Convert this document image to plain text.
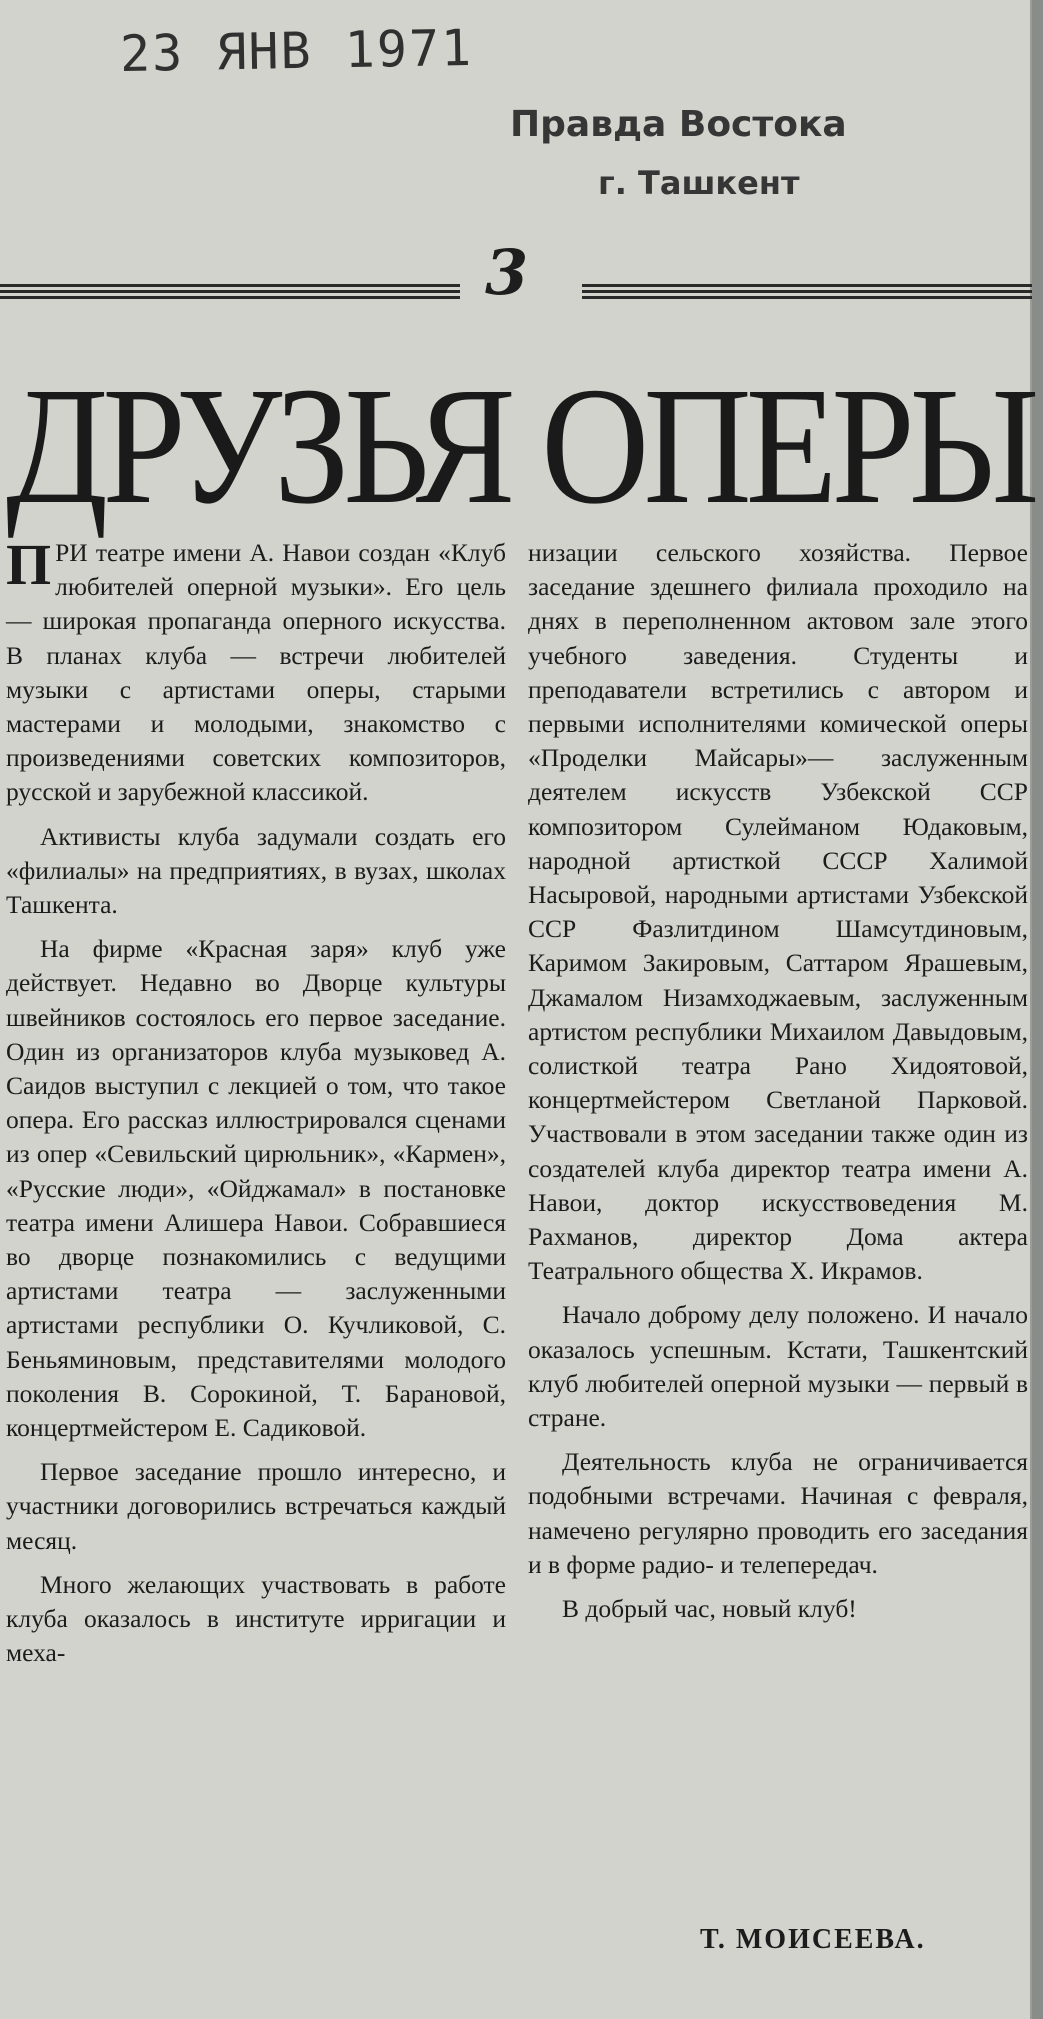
23 ЯНВ 1971
Правда Востока
г. Ташкент
3
ДРУЗЬЯ ОПЕРЫ

ПРИ театре имени А. Навои создан «Клуб любителей оперной музыки». Его цель — широкая пропаганда оперного искусства. В планах клуба — встречи любителей музыки с артистами оперы, старыми мастерами и молодыми, знакомство с произведениями советских композиторов, русской и зарубежной классикой.

Активисты клуба задумали создать его «филиалы» на предприятиях, в вузах, школах Ташкента.

На фирме «Красная заря» клуб уже действует. Недавно во Дворце культуры швейников состоялось его первое заседание. Один из организаторов клуба музыковед А. Саидов выступил с лекцией о том, что такое опера. Его рассказ иллюстрировался сценами из опер «Севильский цирюльник», «Кармен», «Русские люди», «Ойджамал» в постановке театра имени Алишера Навои. Собравшиеся во дворце познакомились с ведущими артистами театра — заслуженными артистами республики О. Кучликовой, С. Беньяминовым, представителями молодого поколения В. Сорокиной, Т. Барановой, концертмейстером Е. Садиковой.

Первое заседание прошло интересно, и участники договорились встречаться каждый месяц.

Много желающих участвовать в работе клуба оказалось в институте ирригации и меха-

низации сельского хозяйства. Первое заседание здешнего филиала проходило на днях в переполненном актовом зале этого учебного заведения. Студенты и преподаватели встретились с автором и первыми исполнителями комической оперы «Проделки Майсары»— заслуженным деятелем искусств Узбекской ССР композитором Сулейманом Юдаковым, народной артисткой СССР Халимой Насыровой, народными артистами Узбекской ССР Фазлитдином Шамсутдиновым, Каримом Закировым, Саттаром Ярашевым, Джамалом Низамходжаевым, заслуженным артистом республики Михаилом Давыдовым, солисткой театра Рано Хидоятовой, концертмейстером Светланой Парковой. Участвовали в этом заседании также один из создателей клуба директор театра имени А. Навои, доктор искусствоведения М. Рахманов, директор Дома актера Театрального общества Х. Икрамов.

Начало доброму делу положено. И начало оказалось успешным. Кстати, Ташкентский клуб любителей оперной музыки — первый в стране.

Деятельность клуба не ограничивается подобными встречами. Начиная с февраля, намечено регулярно проводить его заседания и в форме радио- и телепередач.

В добрый час, новый клуб!

Т. МОИСЕЕВА.
